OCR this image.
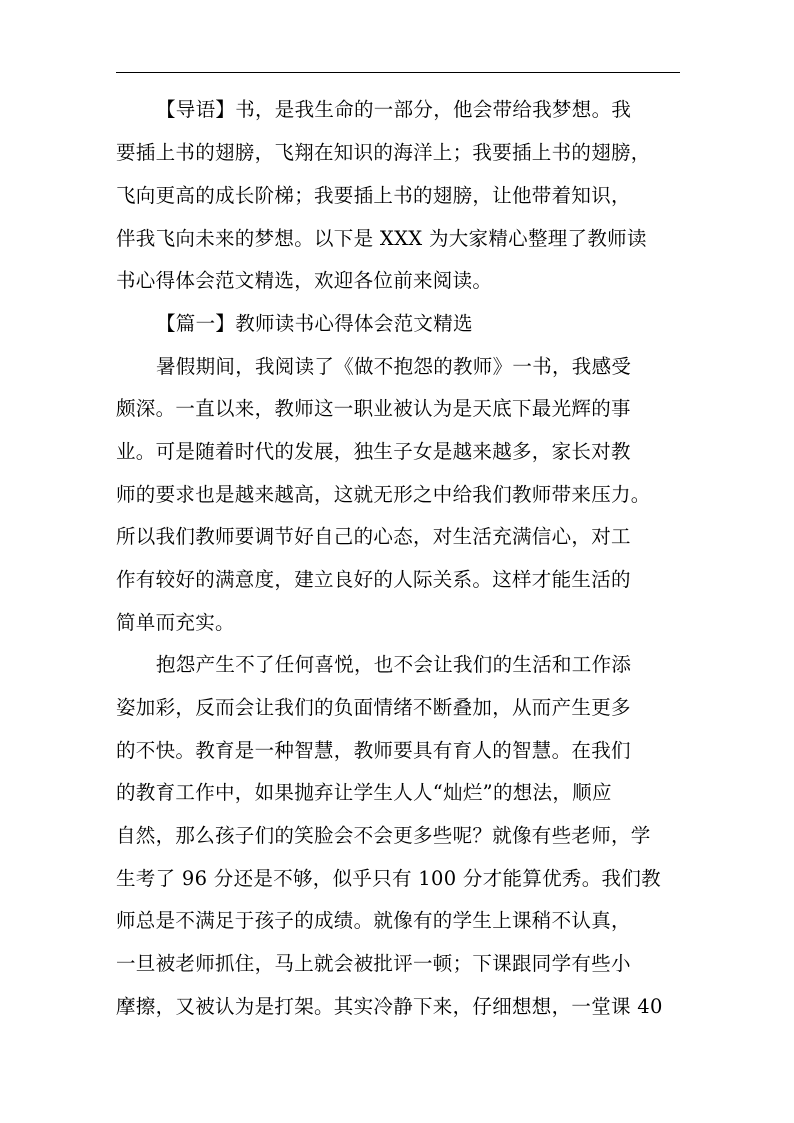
【导语】书，是我生命的一部分，他会带给我梦想。我
要插上书的翅膀，飞翔在知识的海洋上；我要插上书的翅膀，
飞向更高的成长阶梯；我要插上书的翅膀，让他带着知识，
伴我飞向未来的梦想。以下是 XXX 为大家精心整理了教师读
书心得体会范文精选，欢迎各位前来阅读。
【篇一】教师读书心得体会范文精选
暑假期间，我阅读了《做不抱怨的教师》一书，我感受
颇深。一直以来，教师这一职业被认为是天底下最光辉的事
业。可是随着时代的发展，独生子女是越来越多，家长对教
师的要求也是越来越高，这就无形之中给我们教师带来压力。
所以我们教师要调节好自己的心态，对生活充满信心，对工
作有较好的满意度，建立良好的人际关系。这样才能生活的
简单而充实。
抱怨产生不了任何喜悦，也不会让我们的生活和工作添
姿加彩，反而会让我们的负面情绪不断叠加，从而产生更多
的不快。教育是一种智慧，教师要具有育人的智慧。在我们
的教育工作中，如果抛弃让学生人人“灿烂”的想法，顺应
自然，那么孩子们的笑脸会不会更多些呢？就像有些老师，学
生考了 96 分还是不够，似乎只有 100 分才能算优秀。我们教
师总是不满足于孩子的成绩。就像有的学生上课稍不认真，
一旦被老师抓住，马上就会被批评一顿；下课跟同学有些小
摩擦，又被认为是打架。其实冷静下来，仔细想想，一堂课 40
